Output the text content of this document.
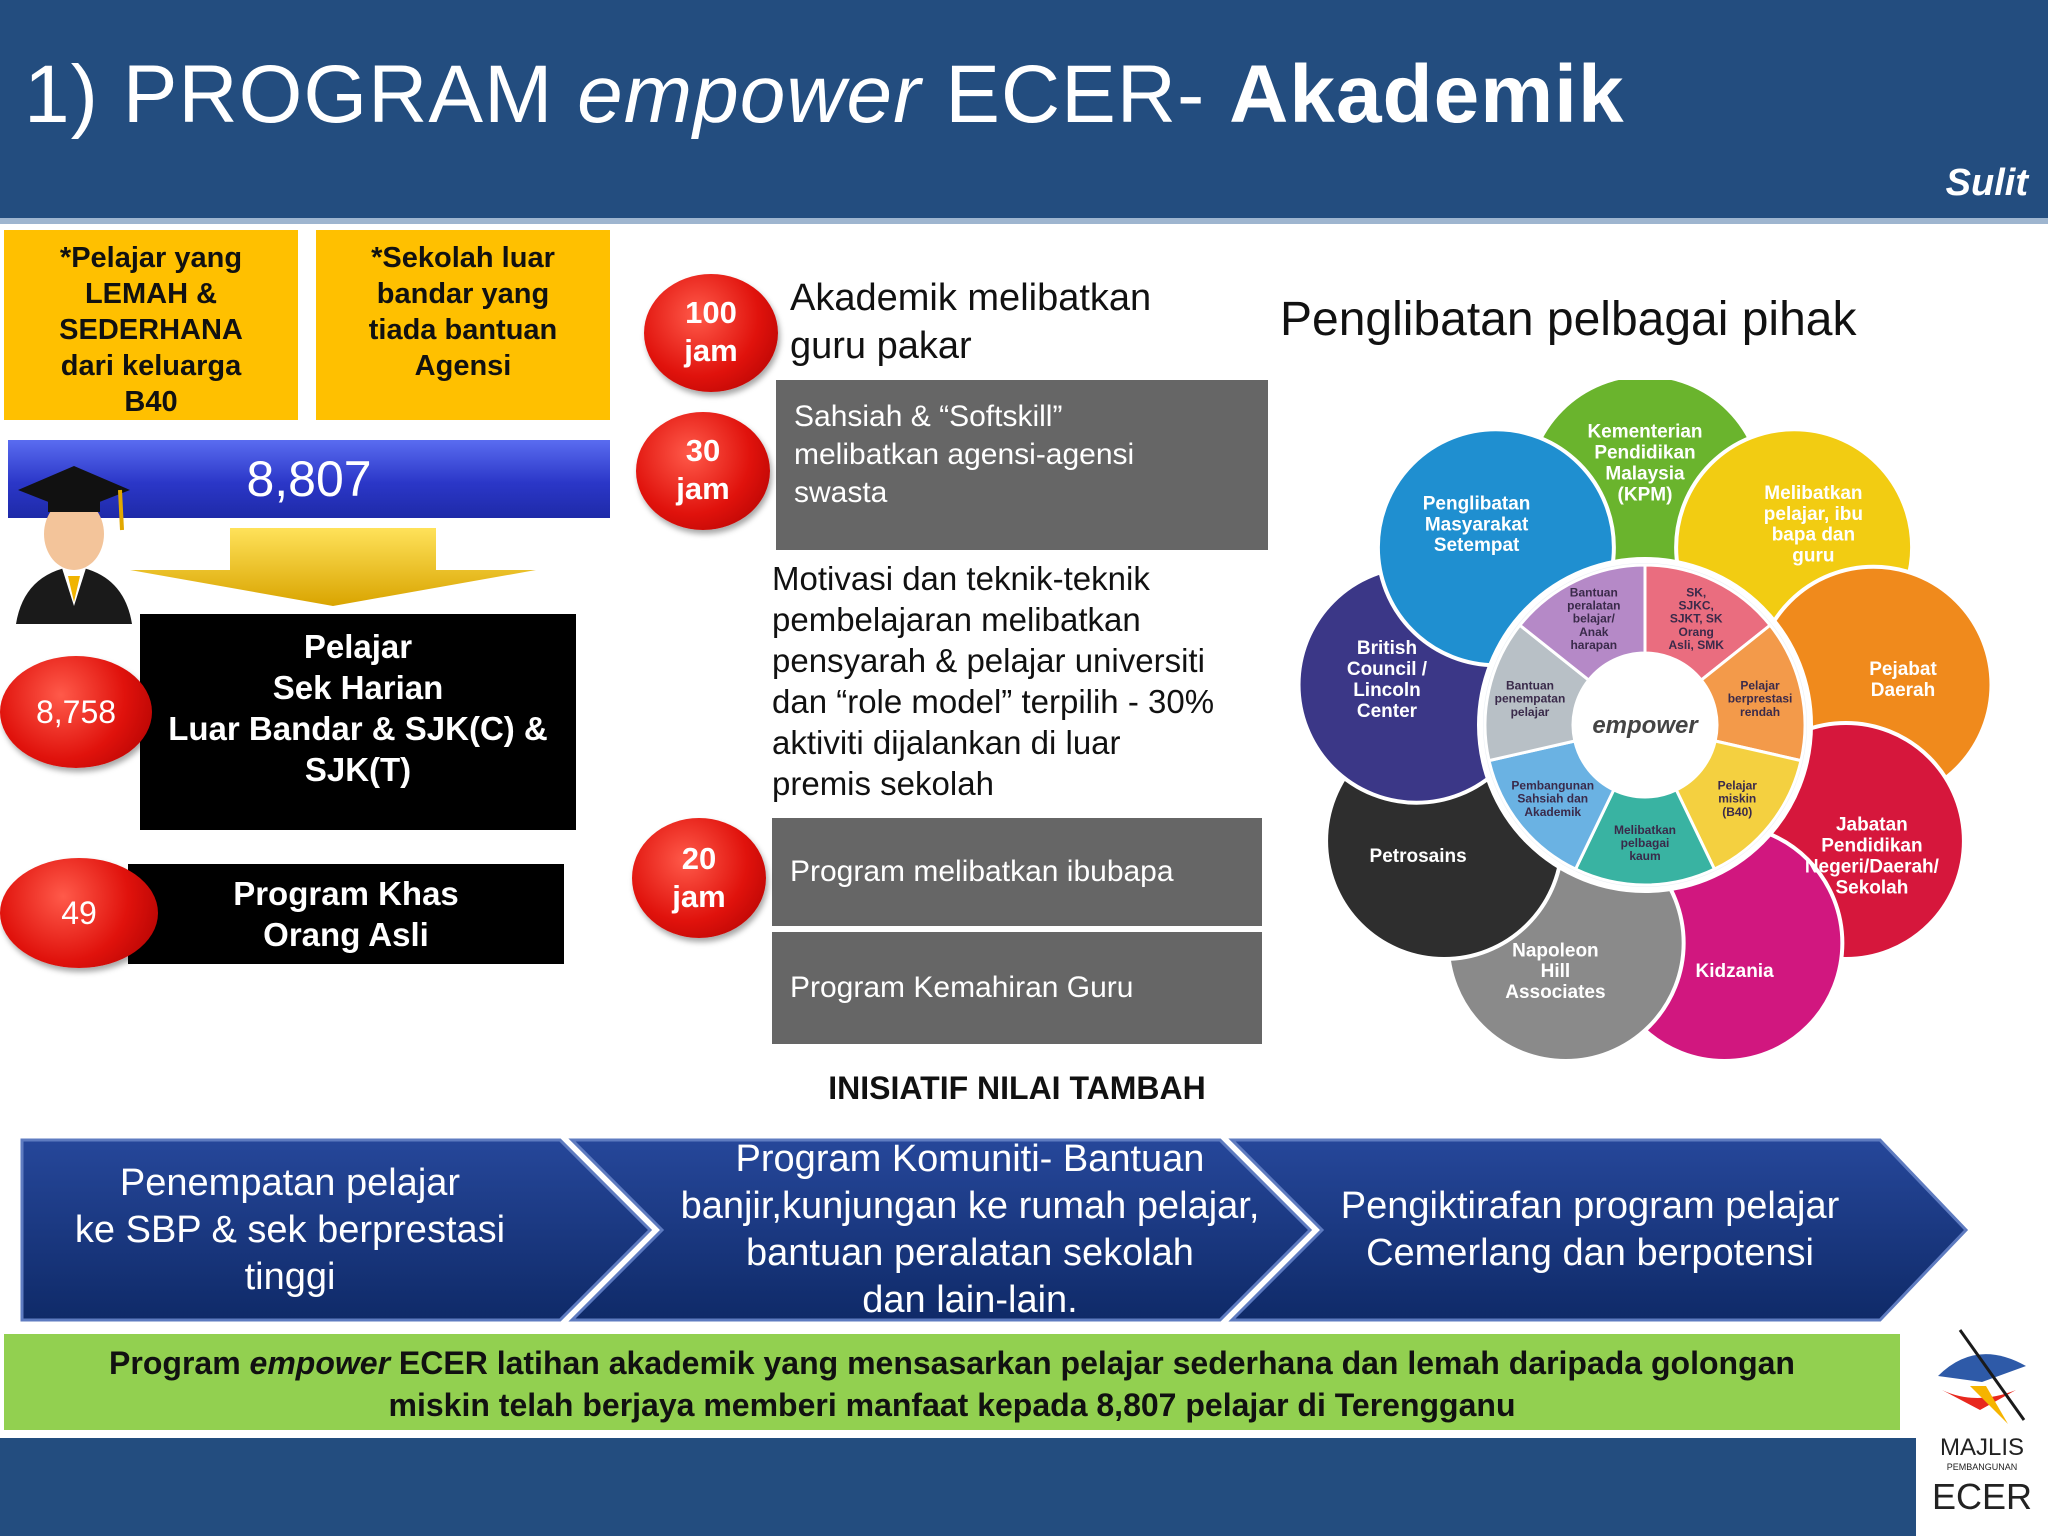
1) PROGRAM empower ECER- Akademik
Sulit
*Pelajar yang
LEMAH &
SEDERHANA
dari keluarga
B40
*Sekolah luar
bandar yang
tiada bantuan
Agensi
8,807
Pelajar
Sek Harian
Luar Bandar & SJK(C) &
SJK(T)
8,758
Program Khas
Orang Asli
49
100
jam
Akademik melibatkan
guru pakar
Sahsiah & “Softskill”
melibatkan agensi-agensi
swasta
30
jam
Motivasi dan teknik-teknik
pembelajaran melibatkan
pensyarah & pelajar universiti
dan “role model” terpilih - 30%
aktiviti dijalankan di luar
premis sekolah
Program melibatkan ibubapa
20
jam
Program Kemahiran Guru
INISIATIF NILAI TAMBAH
Penglibatan pelbagai pihak
Kementerian Pendidikan Malaysia (KPM)	Melibatkan pelajar, ibu bapa dan guru
Pejabat Daerah
Jabatan Pendidikan Negeri/Daerah/ Sekolah
Kidzania
Napoleon Hill Associates
Petrosains
British Council / Lincoln Center
Penglibatan Masyarakat Setempat
SK, SJKC, SJKT, SK Orang Asli, SMK
Pelajar berprestasi rendah
Pelajar miskin (B40)
Melibatkan pelbagai kaum
Pembangunan Sahsiah dan Akademik
Bantuan penempatan pelajar
Bantuan peralatan belajar/ Anak harapan
empower
Penempatan pelajar
ke SBP & sek berprestasi
tinggi
Program Komuniti- Bantuan
banjir,kunjungan ke rumah pelajar,
bantuan peralatan sekolah
dan lain-lain.
Pengiktirafan program pelajar
Cemerlang dan berpotensi
Program empower ECER latihan akademik yang mensasarkan pelajar sederhana dan lemah daripada golongan
miskin telah berjaya memberi manfaat kepada 8,807 pelajar di Terengganu
MAJLIS
PEMBANGUNAN
ECER
